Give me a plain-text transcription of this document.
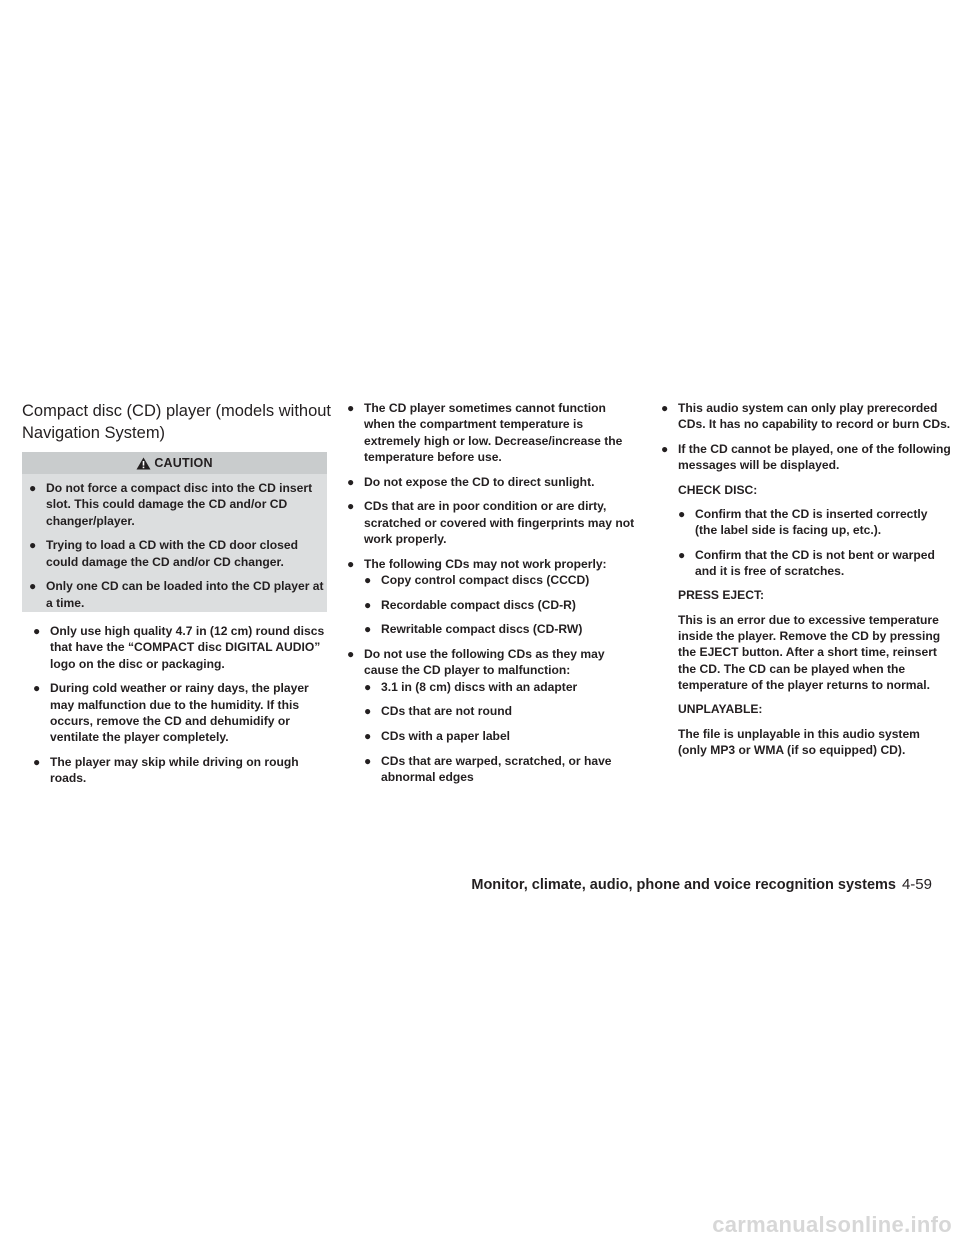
Compact disc (CD) player (models without Navigation System)
CAUTION
● Do not force a compact disc into the CD insert slot. This could damage the CD and/or CD changer/player.
● Trying to load a CD with the CD door closed could damage the CD and/or CD changer.
● Only one CD can be loaded into the CD player at a time.
● Only use high quality 4.7 in (12 cm) round discs that have the “COMPACT disc DIGITAL AUDIO” logo on the disc or packaging.
● During cold weather or rainy days, the player may malfunction due to the humidity. If this occurs, remove the CD and dehumidify or ventilate the player completely.
● The player may skip while driving on rough roads.
● The CD player sometimes cannot function when the compartment temperature is extremely high or low. Decrease/increase the temperature before use.
● Do not expose the CD to direct sunlight.
● CDs that are in poor condition or are dirty, scratched or covered with fingerprints may not work properly.
● The following CDs may not work properly:
● Copy control compact discs (CCCD)
● Recordable compact discs (CD-R)
● Rewritable compact discs (CD-RW)
● Do not use the following CDs as they may cause the CD player to malfunction:
● 3.1 in (8 cm) discs with an adapter
● CDs that are not round
● CDs with a paper label
● CDs that are warped, scratched, or have abnormal edges
● This audio system can only play prerecorded CDs. It has no capability to record or burn CDs.
● If the CD cannot be played, one of the following messages will be displayed.
CHECK DISC:
● Confirm that the CD is inserted correctly (the label side is facing up, etc.).
● Confirm that the CD is not bent or warped and it is free of scratches.
PRESS EJECT:
This is an error due to excessive temperature inside the player. Remove the CD by pressing the EJECT button. After a short time, reinsert the CD. The CD can be played when the temperature of the player returns to normal.
UNPLAYABLE:
The file is unplayable in this audio system (only MP3 or WMA (if so equipped) CD).
Monitor, climate, audio, phone and voice recognition systems 4-59
carmanualsonline.info
